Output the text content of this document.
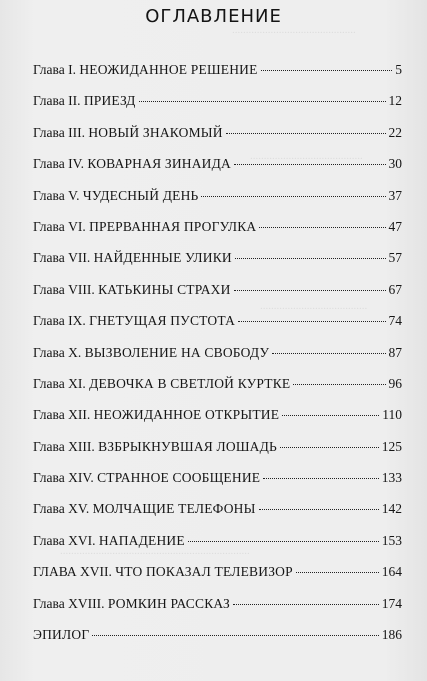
.............................................
.........................................
.......................................
.....................................................................
ОГЛАВЛЕНИЕ
Глава I. НЕОЖИДАННОЕ РЕШЕНИЕ	5
Глава II. ПРИЕЗД	12
Глава III. НОВЫЙ ЗНАКОМЫЙ	22
Глава IV. КОВАРНАЯ ЗИНАИДА	30
Глава V. ЧУДЕСНЫЙ ДЕНЬ	37
Глава VI. ПРЕРВАННАЯ ПРОГУЛКА	47
Глава VII. НАЙДЕННЫЕ УЛИКИ	57
Глава VIII. КАТЬКИНЫ СТРАХИ	67
Глава IX. ГНЕТУЩАЯ ПУСТОТА	74
Глава X. ВЫЗВОЛЕНИЕ НА СВОБОДУ	87
Глава XI. ДЕВОЧКА В СВЕТЛОЙ КУРТКЕ	96
Глава XII. НЕОЖИДАННОЕ ОТКРЫТИЕ	110
Глава XIII. ВЗБРЫКНУВШАЯ ЛОШАДЬ	125
Глава XIV. СТРАННОЕ СООБЩЕНИЕ	133
Глава XV. МОЛЧАЩИЕ ТЕЛЕФОНЫ	142
Глава XVI. НАПАДЕНИЕ	153
ГЛАВА XVII. ЧТО ПОКАЗАЛ ТЕЛЕВИЗОР	164
Глава XVIII. РОМКИН РАССКАЗ	174
ЭПИЛОГ	186
